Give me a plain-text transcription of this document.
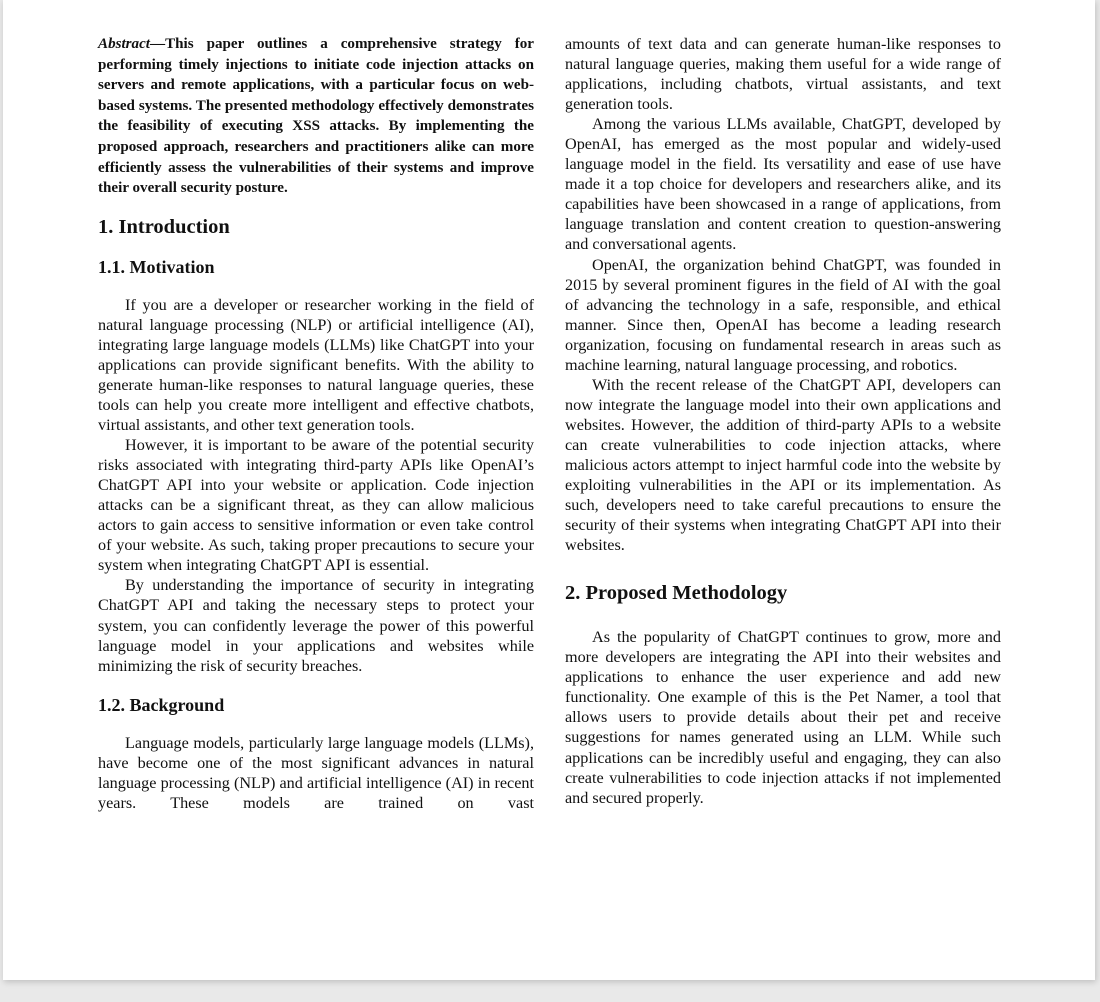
Abstract—This paper outlines a comprehensive strategy for performing timely injections to initiate code injection attacks on servers and remote applications, with a particular focus on web-based systems. The presented methodology effectively demonstrates the feasibility of executing XSS attacks. By implementing the proposed approach, researchers and practitioners alike can more efficiently assess the vulnerabilities of their systems and improve their overall security posture.

1. Introduction
1.1. Motivation

If you are a developer or researcher working in the field of natural language processing (NLP) or artificial intelligence (AI), integrating large language models (LLMs) like ChatGPT into your applications can provide significant benefits. With the ability to generate human-like responses to natural language queries, these tools can help you create more intelligent and effective chatbots, virtual assistants, and other text generation tools.

However, it is important to be aware of the potential security risks associated with integrating third-party APIs like OpenAI’s ChatGPT API into your website or application. Code injection attacks can be a significant threat, as they can allow malicious actors to gain access to sensitive information or even take control of your website. As such, taking proper precautions to secure your system when integrating ChatGPT API is essential.

By understanding the importance of security in integrating ChatGPT API and taking the necessary steps to protect your system, you can confidently leverage the power of this powerful language model in your applications and websites while minimizing the risk of security breaches.

1.2. Background

Language models, particularly large language models (LLMs), have become one of the most significant advances in natural language processing (NLP) and artificial intelligence (AI) in recent years. These models are trained on vast

amounts of text data and can generate human-like responses to natural language queries, making them useful for a wide range of applications, including chatbots, virtual assistants, and text generation tools.

Among the various LLMs available, ChatGPT, developed by OpenAI, has emerged as the most popular and widely-used language model in the field. Its versatility and ease of use have made it a top choice for developers and researchers alike, and its capabilities have been showcased in a range of applications, from language translation and content creation to question-answering and conversational agents.

OpenAI, the organization behind ChatGPT, was founded in 2015 by several prominent figures in the field of AI with the goal of advancing the technology in a safe, responsible, and ethical manner. Since then, OpenAI has become a leading research organization, focusing on fundamental research in areas such as machine learning, natural language processing, and robotics.

With the recent release of the ChatGPT API, developers can now integrate the language model into their own applications and websites. However, the addition of third-party APIs to a website can create vulnerabilities to code injection attacks, where malicious actors attempt to inject harmful code into the website by exploiting vulnerabilities in the API or its implementation. As such, developers need to take careful precautions to ensure the security of their systems when integrating ChatGPT API into their websites.

2. Proposed Methodology

As the popularity of ChatGPT continues to grow, more and more developers are integrating the API into their websites and applications to enhance the user experience and add new functionality. One example of this is the Pet Namer, a tool that allows users to provide details about their pet and receive suggestions for names generated using an LLM. While such applications can be incredibly useful and engaging, they can also create vulnerabilities to code injection attacks if not implemented and secured properly.
